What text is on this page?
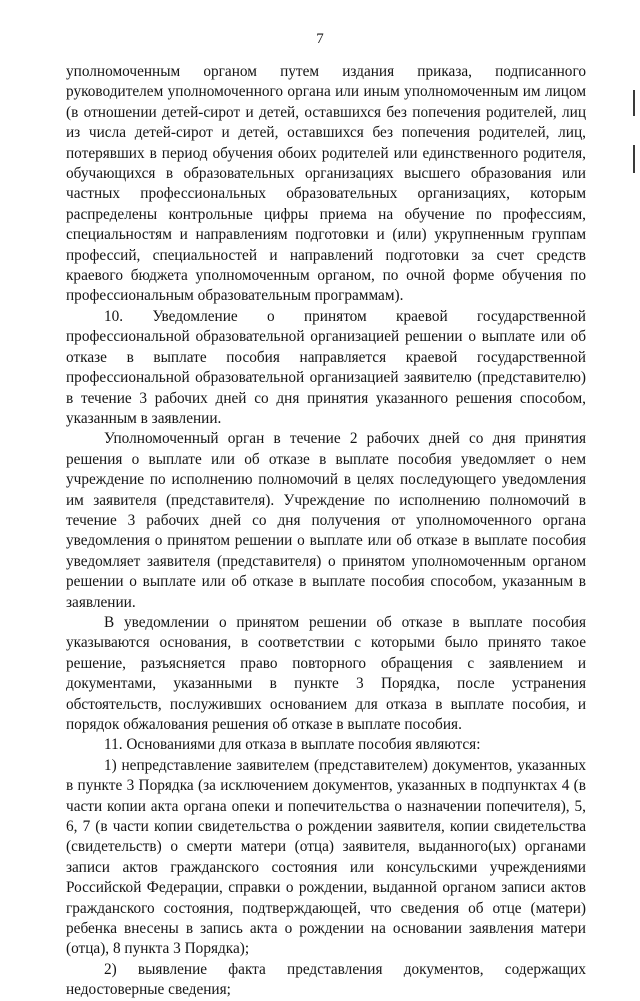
7

уполномоченным органом путем издания приказа, подписанного руководителем уполномоченного органа или иным уполномоченным им лицом (в отношении детей-сирот и детей, оставшихся без попечения родителей, лиц из числа детей-сирот и детей, оставшихся без попечения родителей, лиц, потерявших в период обучения обоих родителей или единственного родителя, обучающихся в образовательных организациях высшего образования или частных профессиональных образовательных организациях, которым распределены контрольные цифры приема на обучение по профессиям, специальностям и направлениям подготовки и (или) укрупненным группам профессий, специальностей и направлений подготовки за счет средств краевого бюджета уполномоченным органом, по очной форме обучения по профессиональным образовательным программам).

10. Уведомление о принятом краевой государственной профессиональной образовательной организацией решении о выплате или об отказе в выплате пособия направляется краевой государственной профессиональной образовательной организацией заявителю (представителю) в течение 3 рабочих дней со дня принятия указанного решения способом, указанным в заявлении.

Уполномоченный орган в течение 2 рабочих дней со дня принятия решения о выплате или об отказе в выплате пособия уведомляет о нем учреждение по исполнению полномочий в целях последующего уведомления им заявителя (представителя). Учреждение по исполнению полномочий в течение 3 рабочих дней со дня получения от уполномоченного органа уведомления о принятом решении о выплате или об отказе в выплате пособия уведомляет заявителя (представителя) о принятом уполномоченным органом решении о выплате или об отказе в выплате пособия способом, указанным в заявлении.

В уведомлении о принятом решении об отказе в выплате пособия указываются основания, в соответствии с которыми было принято такое решение, разъясняется право повторного обращения с заявлением и документами, указанными в пункте 3 Порядка, после устранения обстоятельств, послуживших основанием для отказа в выплате пособия, и порядок обжалования решения об отказе в выплате пособия.

11. Основаниями для отказа в выплате пособия являются:

1) непредставление заявителем (представителем) документов, указанных в пункте 3 Порядка (за исключением документов, указанных в подпунктах 4 (в части копии акта органа опеки и попечительства о назначении попечителя), 5, 6, 7 (в части копии свидетельства о рождении заявителя, копии свидетельства (свидетельств) о смерти матери (отца) заявителя, выданного(ых) органами записи актов гражданского состояния или консульскими учреждениями Российской Федерации, справки о рождении, выданной органом записи актов гражданского состояния, подтверждающей, что сведения об отце (матери) ребенка внесены в запись акта о рождении на основании заявления матери (отца), 8 пункта 3 Порядка);

2) выявление факта представления документов, содержащих недостоверные сведения;
